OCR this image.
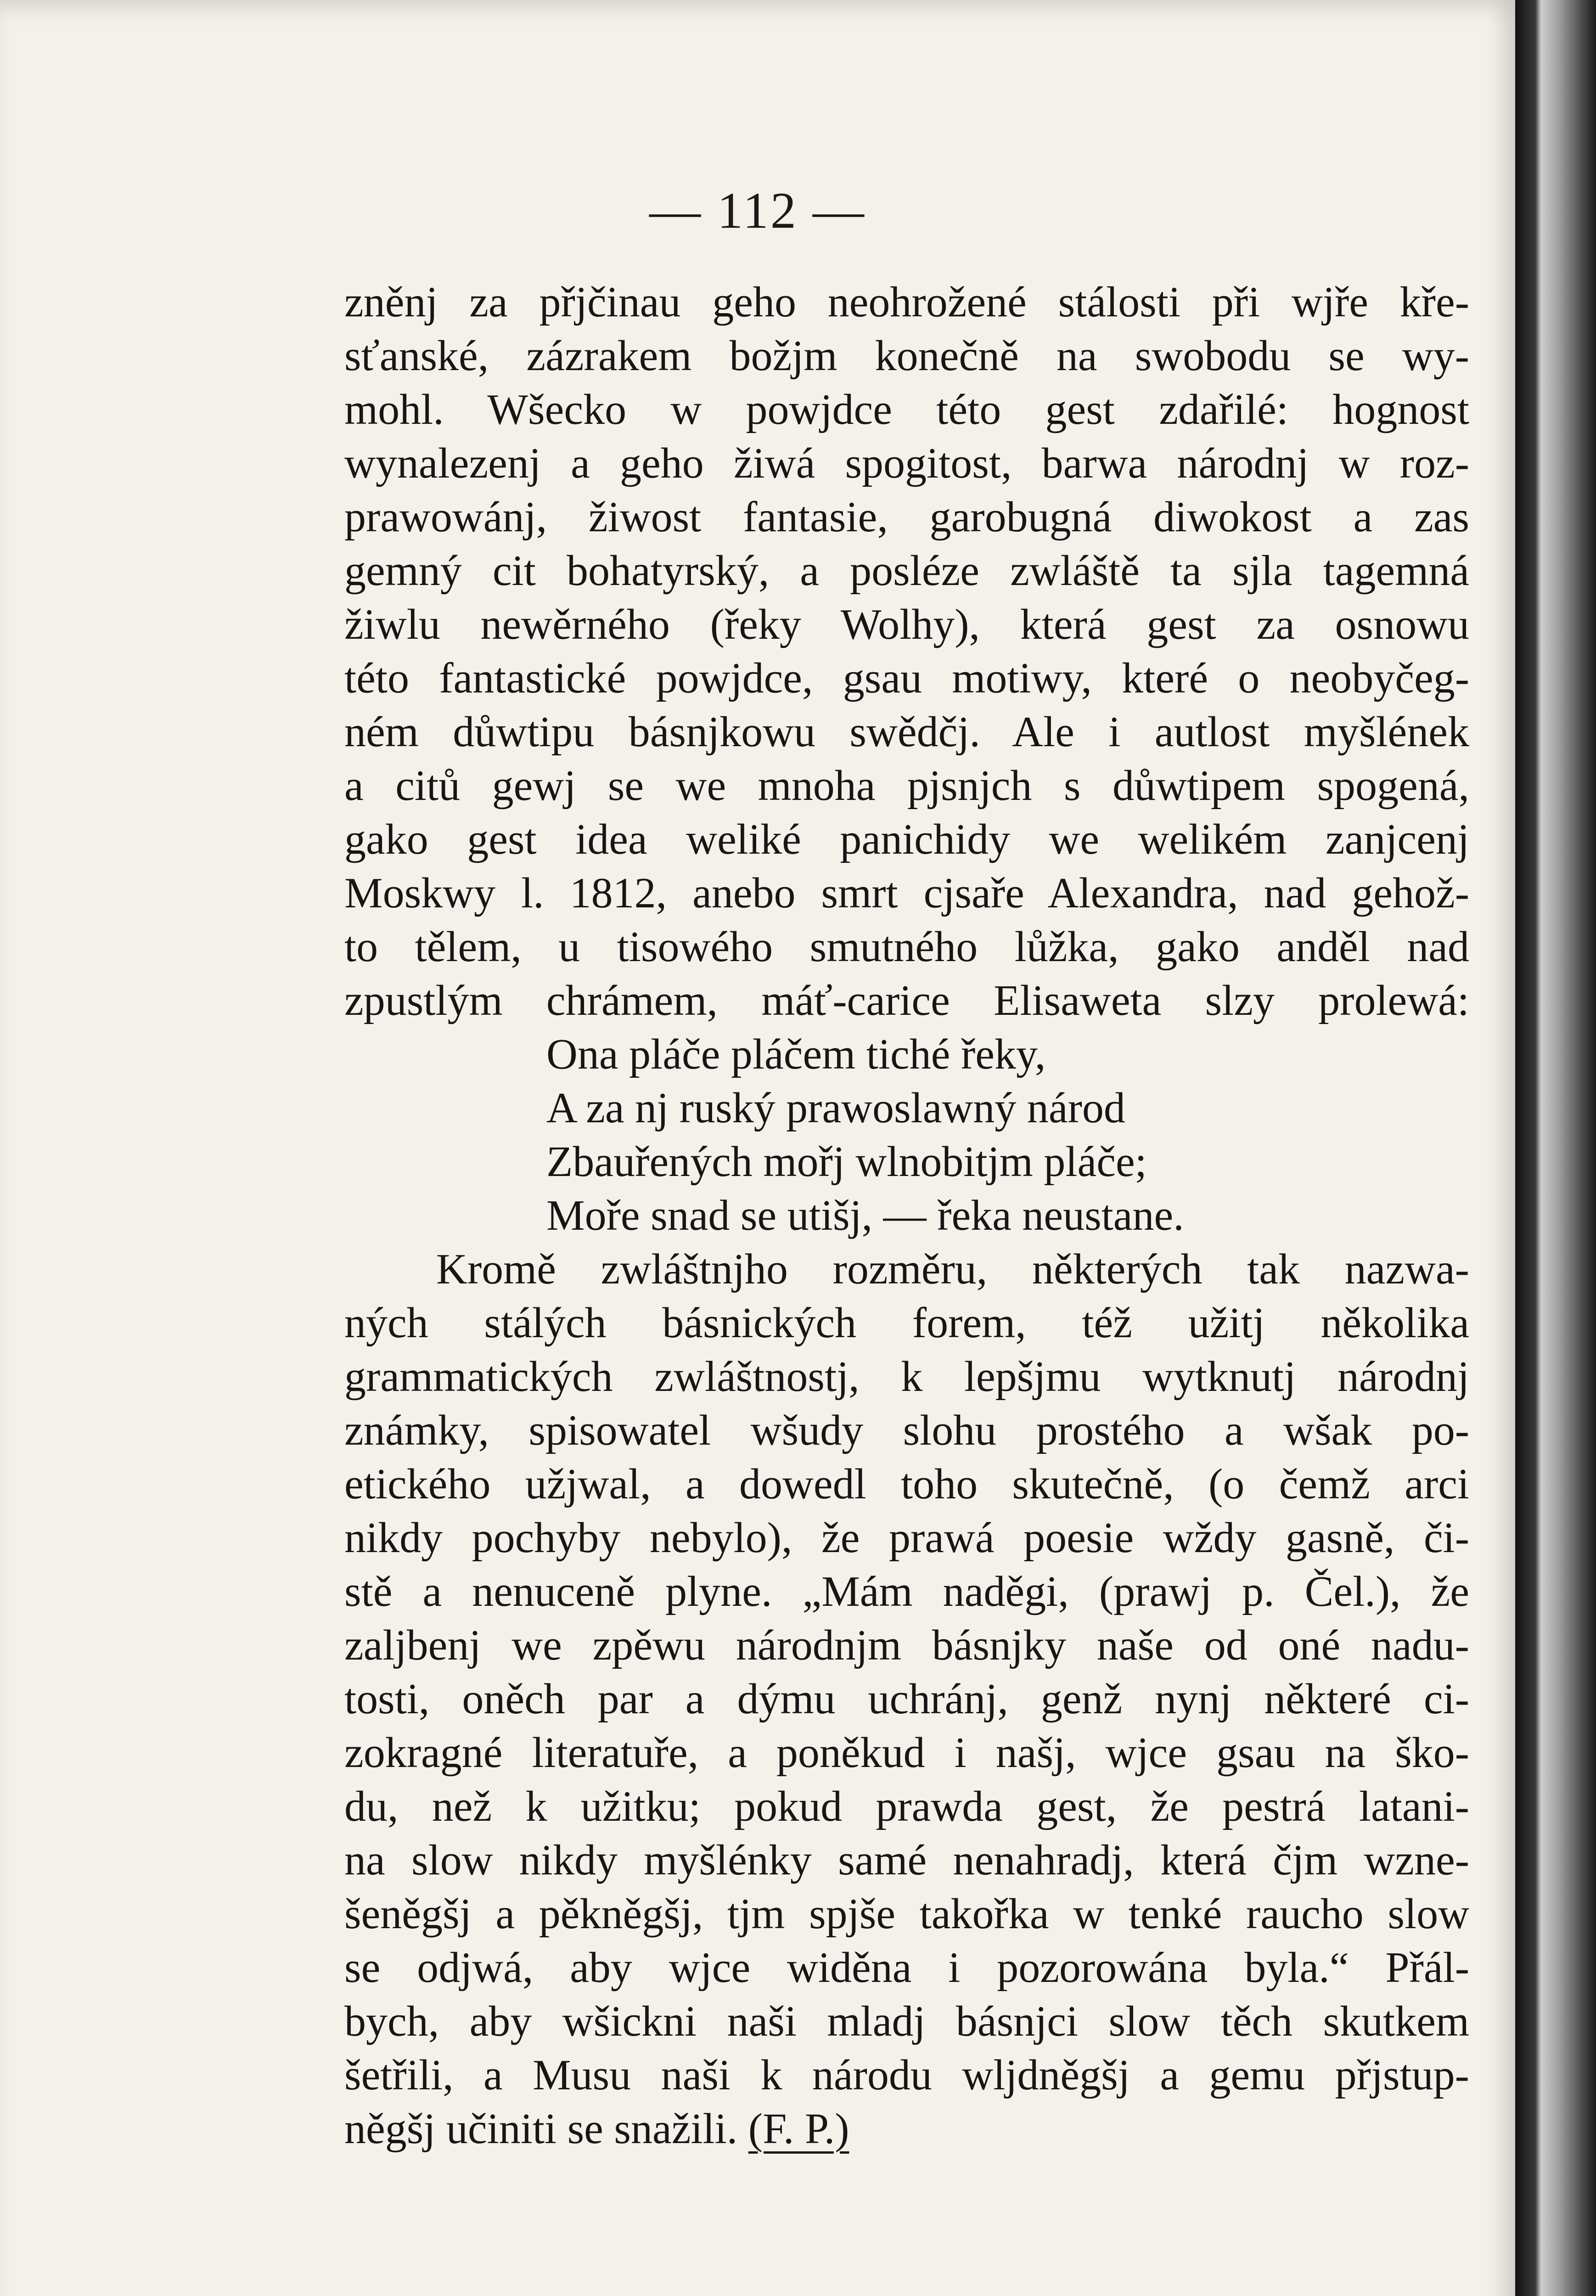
— 112 —
zněnj za přjčinau geho neohrožené stálosti při wjře kře-
sťanské, zázrakem božjm konečně na swobodu se wy-
mohl. Wšecko w powjdce této gest zdařilé: hognost
wynalezenj a geho žiwá spogitost, barwa národnj w roz-
prawowánj, žiwost fantasie, garobugná diwokost a zas
gemný cit bohatyrský, a posléze zwláště ta sjla tagemná
žiwlu newěrného (řeky Wolhy), která gest za osnowu
této fantastické powjdce, gsau motiwy, které o neobyčeg-
ném důwtipu básnjkowu swědčj. Ale i autlost myšlének
a citů gewj se we mnoha pjsnjch s důwtipem spogená,
gako gest idea weliké panichidy we welikém zanjcenj
Moskwy l. 1812, anebo smrt cjsaře Alexandra, nad gehož-
to tělem, u tisowého smutného lůžka, gako anděl nad
zpustlým chrámem, máť-carice Elisaweta slzy prolewá:
Ona pláče pláčem tiché řeky,
A za nj ruský prawoslawný národ
Zbauřených mořj wlnobitjm pláče;
Moře snad se utišj, — řeka neustane.
Kromě zwláštnjho rozměru, některých tak nazwa-
ných stálých básnických forem, též užitj několika
grammatických zwláštnostj, k lepšjmu wytknutj národnj
známky, spisowatel wšudy slohu prostého a wšak po-
etického užjwal, a dowedl toho skutečně, (o čemž arci
nikdy pochyby nebylo), že prawá poesie wždy gasně, či-
stě a nenuceně plyne. „Mám naděgi, (prawj p. Čel.), že
zaljbenj we zpěwu národnjm básnjky naše od oné nadu-
tosti, oněch par a dýmu uchránj, genž nynj některé ci-
zokragné literatuře, a poněkud i našj, wjce gsau na ško-
du, než k užitku; pokud prawda gest, že pestrá latani-
na slow nikdy myšlénky samé nenahradj, která čjm wzne-
šeněgšj a pěkněgšj, tjm spjše takořka w tenké raucho slow
se odjwá, aby wjce widěna i pozorowána byla.“ Přál-
bych, aby wšickni naši mladj básnjci slow těch skutkem
šetřili, a Musu naši k národu wljdněgšj a gemu přjstup-
něgšj učiniti se snažili. (F. P.)
